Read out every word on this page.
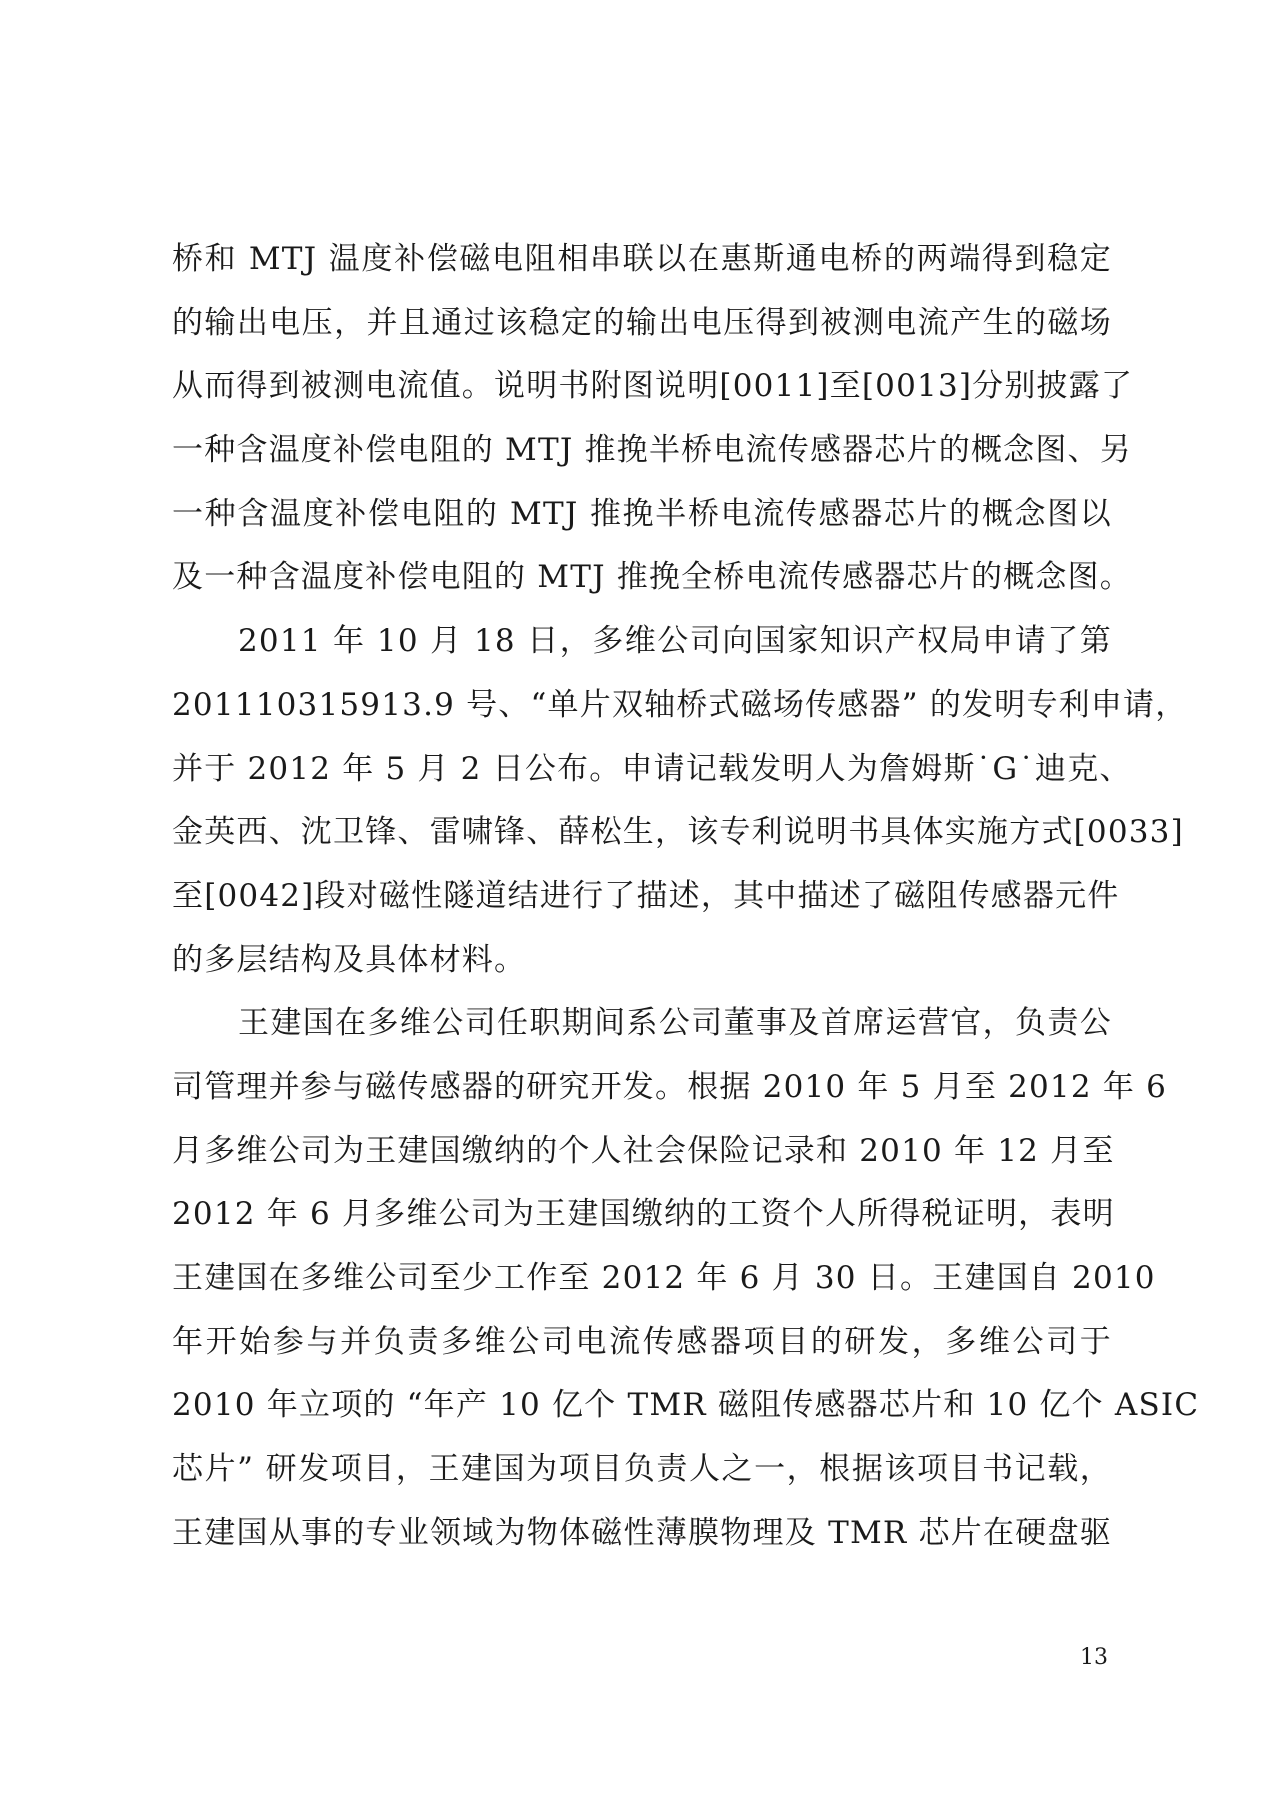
桥和 MTJ 温度补偿磁电阻相串联以在惠斯通电桥的两端得到稳定
的输出电压，并且通过该稳定的输出电压得到被测电流产生的磁场
从而得到被测电流值。说明书附图说明[0011]至[0013]分别披露了
一种含温度补偿电阻的 MTJ 推挽半桥电流传感器芯片的概念图、另
一种含温度补偿电阻的 MTJ 推挽半桥电流传感器芯片的概念图以
及一种含温度补偿电阻的 MTJ 推挽全桥电流传感器芯片的概念图。
2011 年 10 月 18 日，多维公司向国家知识产权局申请了第
201110315913.9 号、“单片双轴桥式磁场传感器” 的发明专利申请，
并于 2012 年 5 月 2 日公布。申请记载发明人为詹姆斯˙G˙迪克、
金英西、沈卫锋、雷啸锋、薛松生，该专利说明书具体实施方式[0033]
至[0042]段对磁性隧道结进行了描述，其中描述了磁阻传感器元件
的多层结构及具体材料。
王建国在多维公司任职期间系公司董事及首席运营官，负责公
司管理并参与磁传感器的研究开发。根据 2010 年 5 月至 2012 年 6
月多维公司为王建国缴纳的个人社会保险记录和 2010 年 12 月至
2012 年 6 月多维公司为王建国缴纳的工资个人所得税证明，表明
王建国在多维公司至少工作至 2012 年 6 月 30 日。王建国自 2010
年开始参与并负责多维公司电流传感器项目的研发，多维公司于
2010 年立项的 “年产 10 亿个 TMR 磁阻传感器芯片和 10 亿个 ASIC
芯片” 研发项目，王建国为项目负责人之一，根据该项目书记载，
王建国从事的专业领域为物体磁性薄膜物理及 TMR 芯片在硬盘驱
13
